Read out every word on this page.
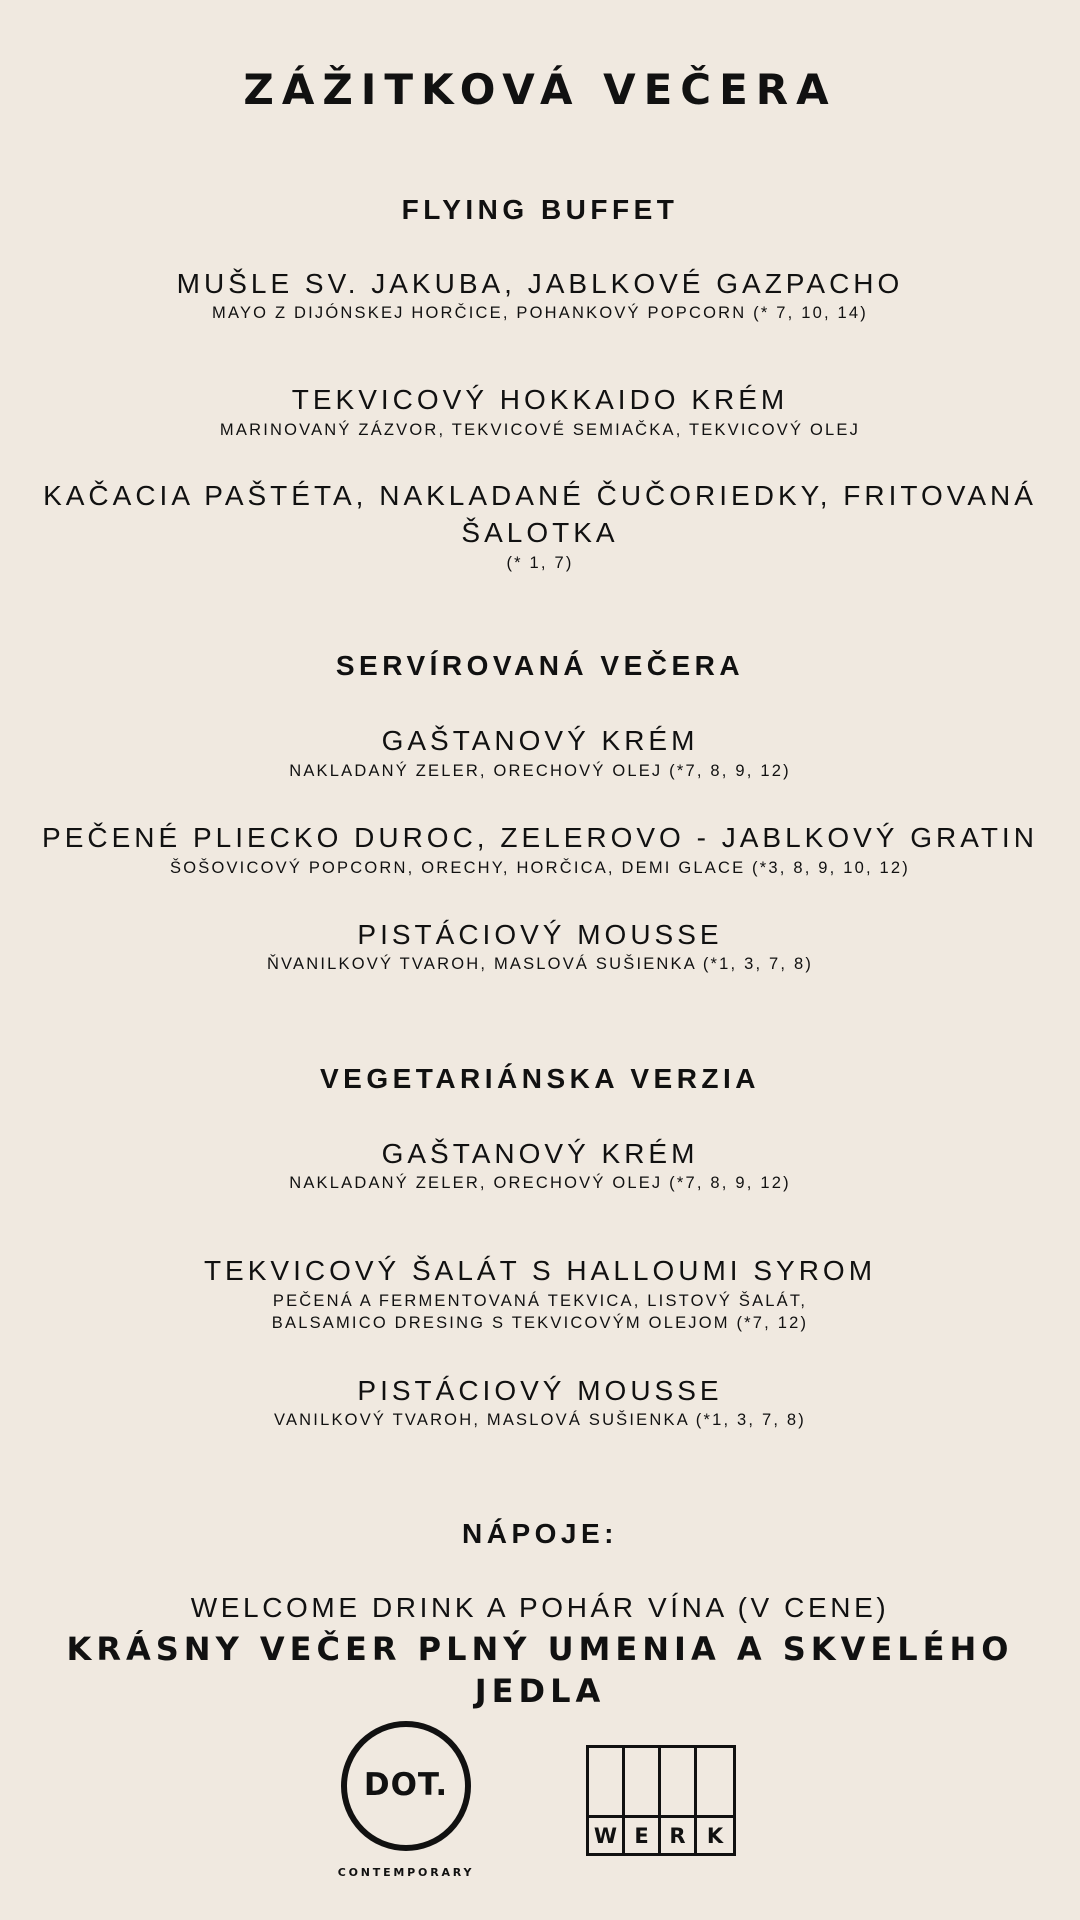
ZÁŽITKOVÁ VEČERA
FLYING BUFFET
MUŠLE SV. JAKUBA, JABLKOVÉ GAZPACHO
MAYO Z DIJÓNSKEJ HORČICE, POHANKOVÝ POPCORN (* 7, 10, 14)
TEKVICOVÝ HOKKAIDO KRÉM
MARINOVANÝ ZÁZVOR, TEKVICOVÉ SEMIAČKA, TEKVICOVÝ OLEJ
KAČACIA PAŠTÉTA, NAKLADANÉ ČUČORIEDKY, FRITOVANÁ
ŠALOTKA
(* 1, 7)
SERVÍROVANÁ VEČERA
GAŠTANOVÝ KRÉM
NAKLADANÝ ZELER, ORECHOVÝ OLEJ (*7, 8, 9, 12)
PEČENÉ PLIECKO DUROC, ZELEROVO - JABLKOVÝ GRATIN
ŠOŠOVICOVÝ POPCORN, ORECHY, HORČICA, DEMI GLACE (*3, 8, 9, 10, 12)
PISTÁCIOVÝ MOUSSE
ŇVANILKOVÝ TVAROH, MASLOVÁ SUŠIENKA (*1, 3, 7, 8)
VEGETARIÁNSKA VERZIA
GAŠTANOVÝ KRÉM
NAKLADANÝ ZELER, ORECHOVÝ OLEJ (*7, 8, 9, 12)
TEKVICOVÝ ŠALÁT S HALLOUMI SYROM
PEČENÁ A FERMENTOVANÁ TEKVICA, LISTOVÝ ŠALÁT,
BALSAMICO DRESING S TEKVICOVÝM OLEJOM (*7, 12)
PISTÁCIOVÝ MOUSSE
VANILKOVÝ TVAROH, MASLOVÁ SUŠIENKA (*1, 3, 7, 8)
NÁPOJE:
WELCOME DRINK A POHÁR VÍNA (V CENE)
KRÁSNY VEČER PLNÝ UMENIA A SKVELÉHO JEDLA
DOT.
CONTEMPORARY
W E R	K
